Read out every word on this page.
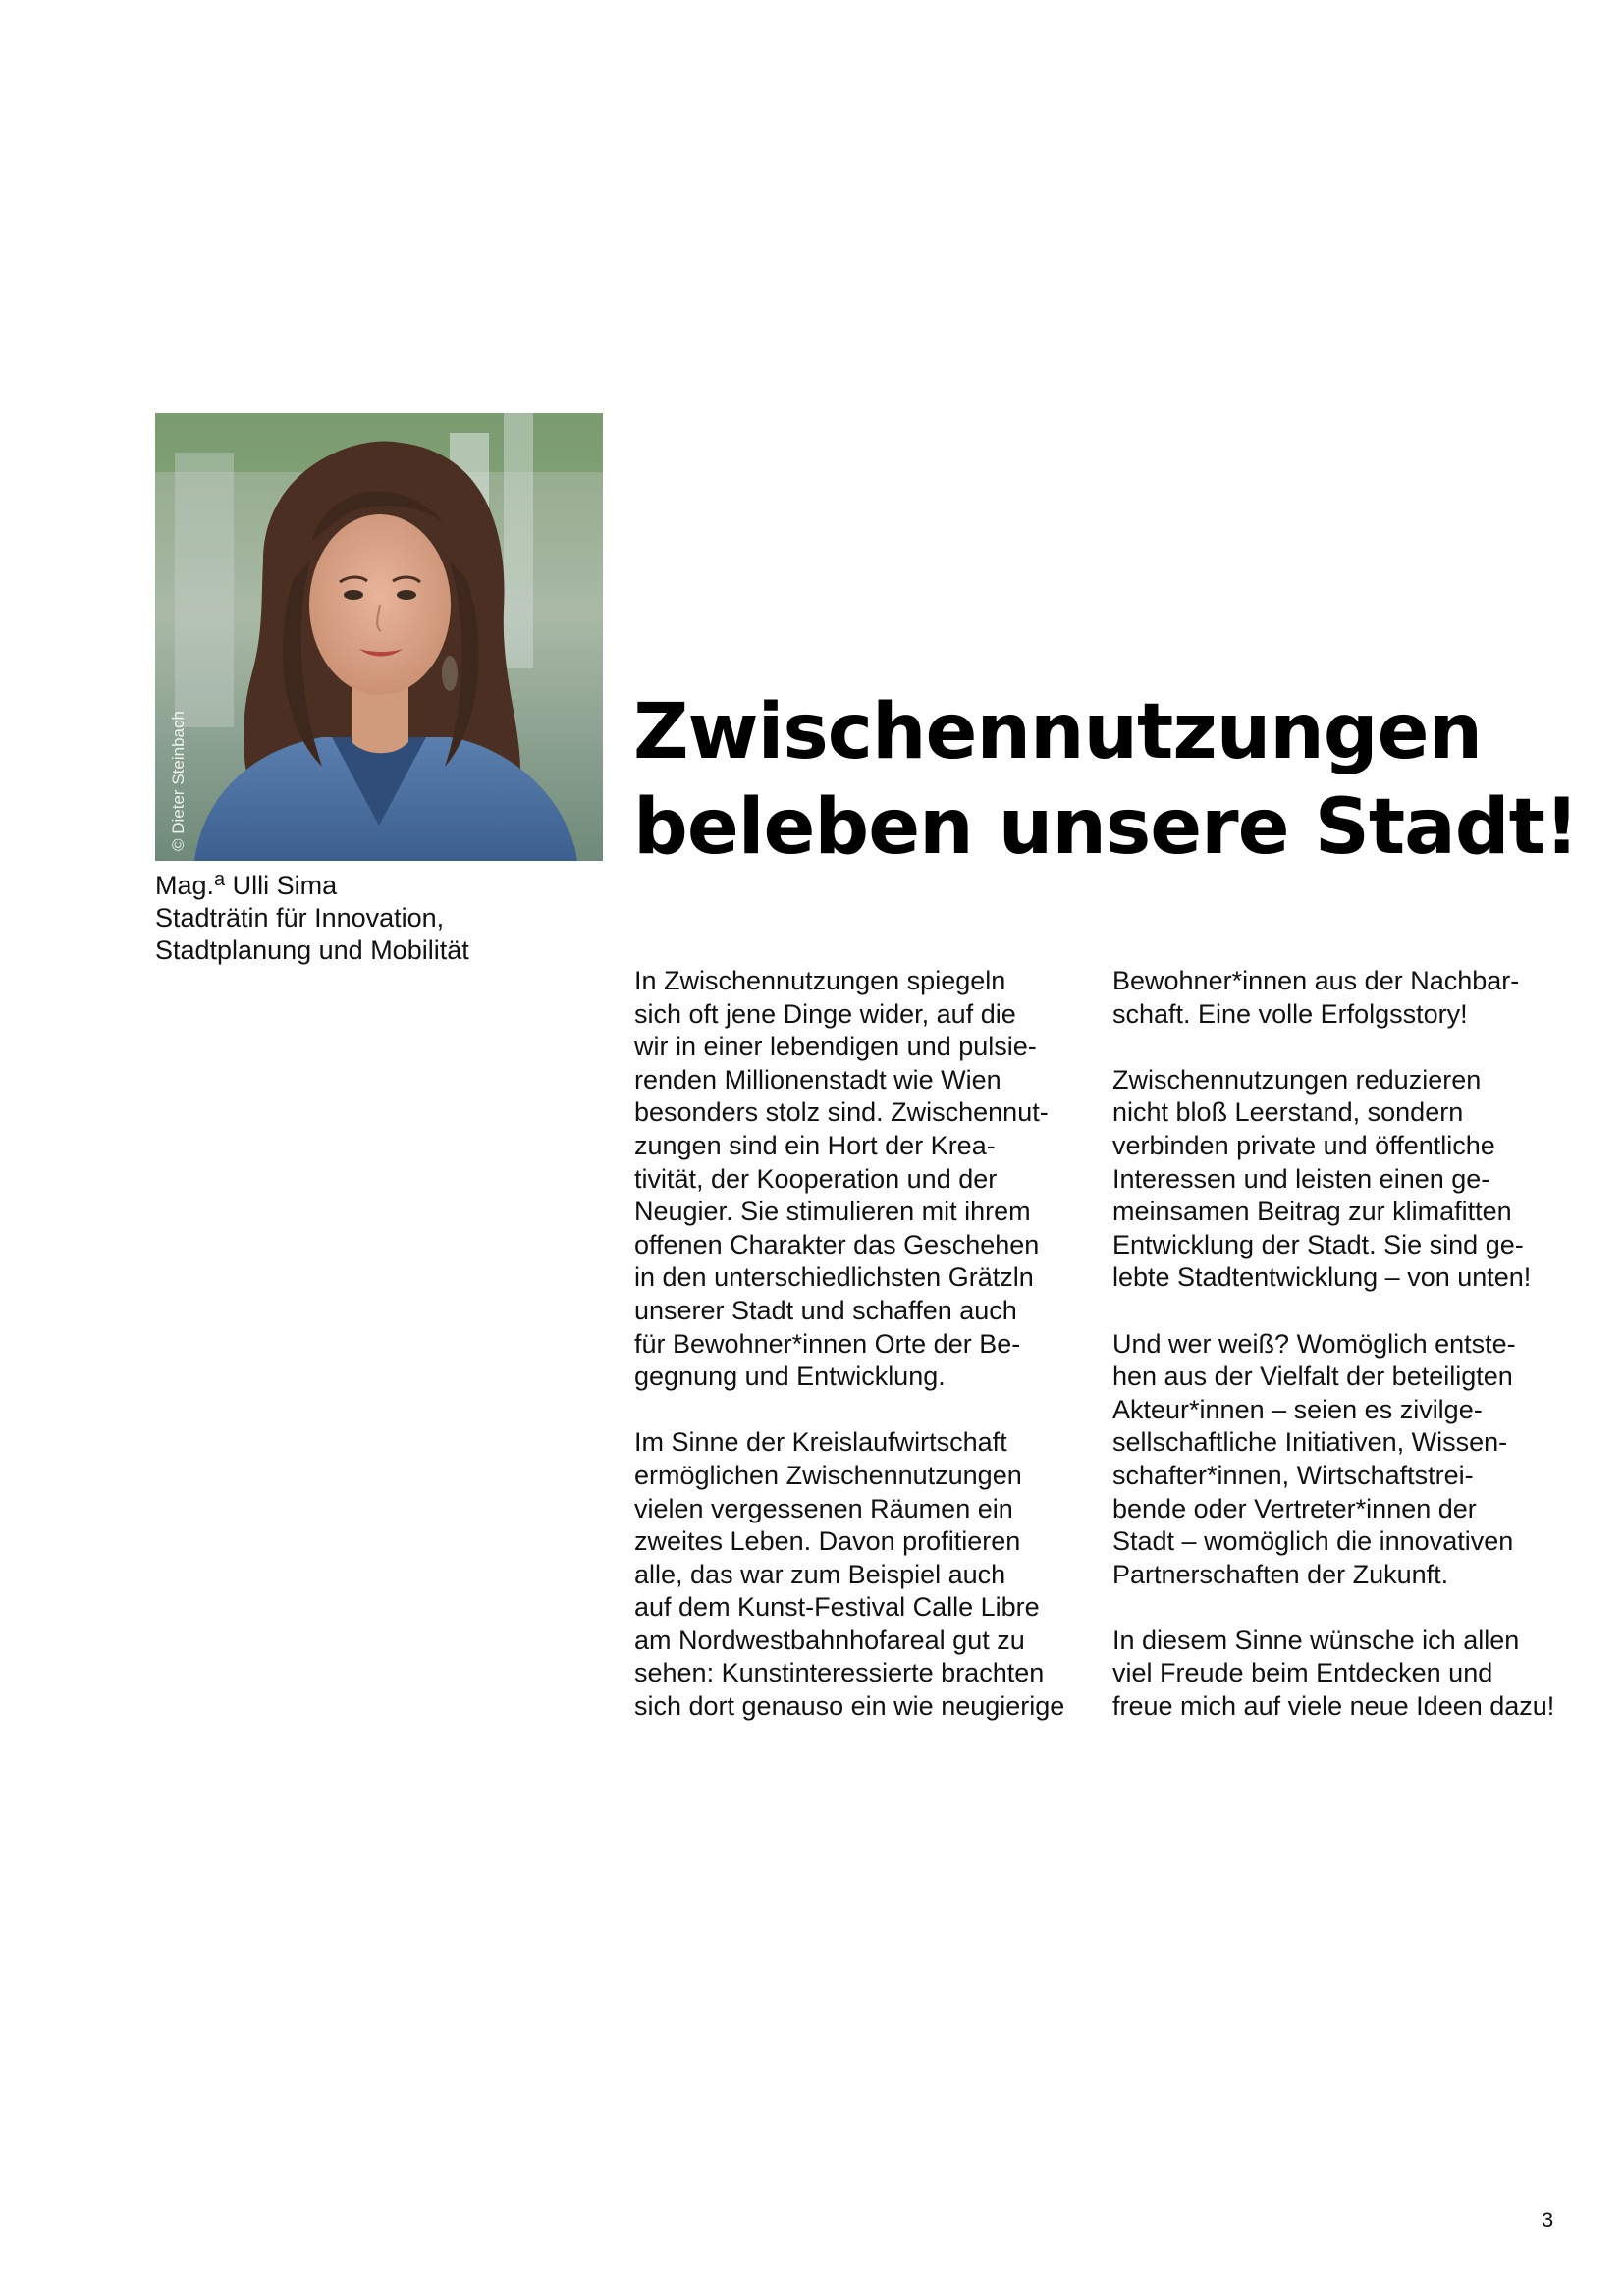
© Dieter Steinbach
Mag.$^a$ Ulli Sima
Stadträtin für Innovation,
Stadtplanung und Mobilität
Zwischennutzungen
beleben unsere Stadt!

In Zwischennutzungen spiegeln
sich oft jene Dinge wider, auf die
wir in einer lebendigen und pulsie-
renden Millionenstadt wie Wien
besonders stolz sind. Zwischennut-
zungen sind ein Hort der Krea-
tivität, der Kooperation und der
Neugier. Sie stimulieren mit ihrem
offenen Charakter das Geschehen
in den unterschiedlichsten Grätzln
unserer Stadt und schaffen auch
für Bewohner*innen Orte der Be-
gegnung und Entwicklung.

Im Sinne der Kreislaufwirtschaft
ermöglichen Zwischennutzungen
vielen vergessenen Räumen ein
zweites Leben. Davon profitieren
alle, das war zum Beispiel auch
auf dem Kunst-Festival Calle Libre
am Nordwestbahnhofareal gut zu
sehen: Kunstinteressierte brachten
sich dort genauso ein wie neugierige

Bewohner*innen aus der Nachbar-
schaft. Eine volle Erfolgsstory!

Zwischennutzungen reduzieren
nicht bloß Leerstand, sondern
verbinden private und öffentliche
Interessen und leisten einen ge-
meinsamen Beitrag zur klimafitten
Entwicklung der Stadt. Sie sind ge-
lebte Stadtentwicklung – von unten!

Und wer weiß? Womöglich entste-
hen aus der Vielfalt der beteiligten
Akteur*innen – seien es zivilge-
sellschaftliche Initiativen, Wissen-
schafter*innen, Wirtschaftstrei-
bende oder Vertreter*innen der
Stadt – womöglich die innovativen
Partnerschaften der Zukunft.

In diesem Sinne wünsche ich allen
viel Freude beim Entdecken und
freue mich auf viele neue Ideen dazu!

3
